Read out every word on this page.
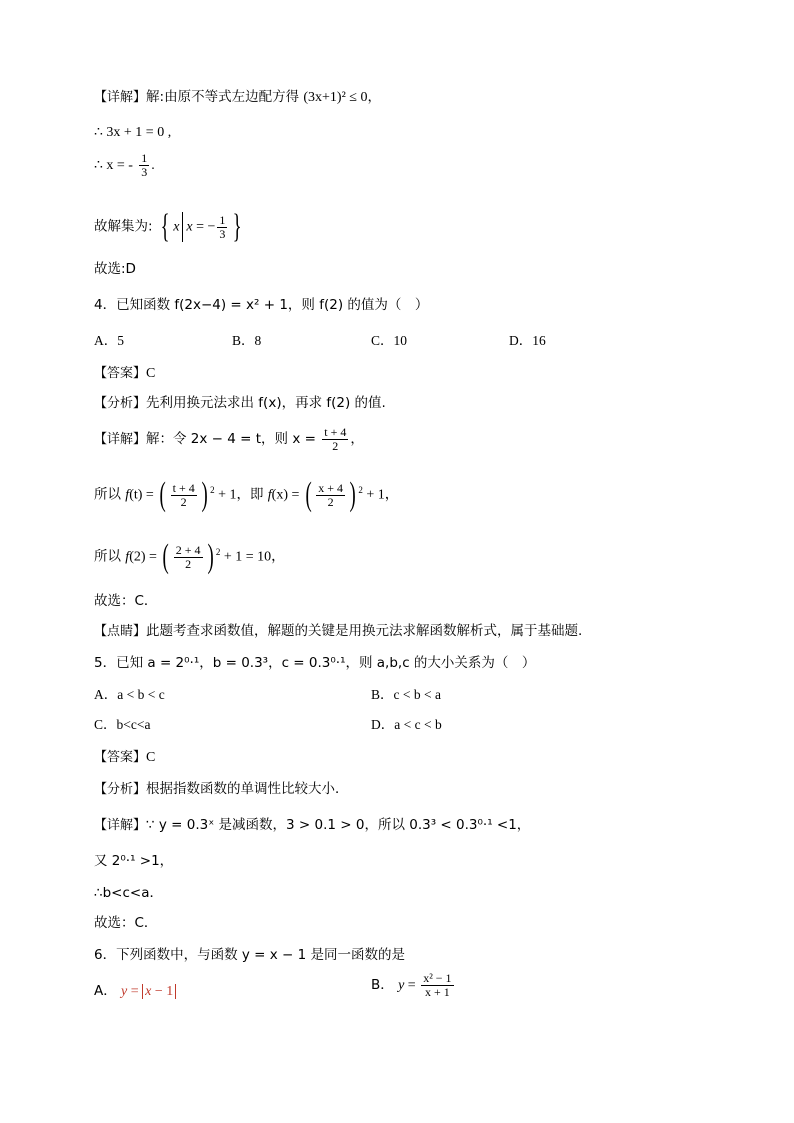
【详解】解:由原不等式左边配方得 (3x+1)² ≤ 0，
∴ 3x + 1 = 0 ,
∴ x = - $\frac{1}{3}$ .
故解集为: { x x = − $\frac{1}{3}$ }
故选:D
4．已知函数 f(2x−4) = x² + 1，则 f(2) 的值为（　）
A．5	B．8	C．10	D．16
【答案】C
【分析】先利用换元法求出 f(x)，再求 f(2) 的值.
【详解】解：令 2x − 4 = t，则 $x = \frac{t + 4}{2}$ ，
所以 f(t) = ( $\frac{t + 4}{2}$ ) $^2$ + 1，即 f(x) = ( $\frac{x + 4}{2}$ ) $^2$ + 1，
所以 f(2) = ( $\frac{2 + 4}{2}$ ) $^2$ + 1 = 10，
故选：C．
【点睛】此题考查求函数值，解题的关键是用换元法求解函数解析式，属于基础题.
5．已知 a = 2⁰·¹，b = 0.3³，c = 0.3⁰·¹，则 a,b,c 的大小关系为（　）
A．a < b < c	B．c < b < a
C．b<c<a	D．a < c < b
【答案】C
【分析】根据指数函数的单调性比较大小．
【详解】∵ y = 0.3ˣ 是减函数，3 > 0.1 > 0，所以 0.3³ < 0.3⁰·¹ <1，
又 2⁰·¹ >1，
∴b<c<a．
故选：C．
6．下列函数中，与函数 y = x − 1 是同一函数的是
A． y = x − 1	B． $y = \frac{\text{x² − 1}}{x + 1}$
